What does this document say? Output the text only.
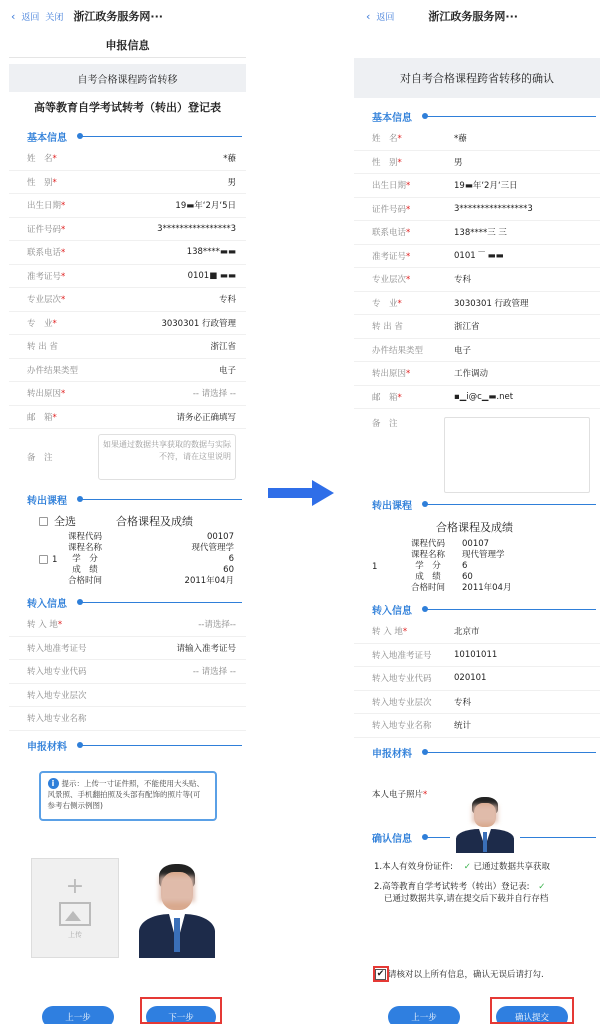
‹ 返回 关闭 浙江政务服务网···
申报信息
自考合格课程跨省转移
高等教育自学考试转考（转出）登记表
基本信息
姓　名*	*䕩
性　别*	男
出生日期*	19▬年‘2月‘5日
证件号码*	3****************3
联系电话*	138****▬▬
准考证号*	0101■ ▬▬
专业层次*	专科
专　业*	3030301 行政管理
转 出 省	浙江省
办件结果类型	电子
转出原因*	-- 请选择 --
邮　箱*	请务必正确填写
备　注
如果通过数据共享获取的数据与实际不符，请在这里说明
转出课程
全选	合格课程及成绩
1
课程代码	00107
课程名称	现代管理学
学　分	6
成　绩	60
合格时间	2011年04月
转入信息
转 入 地*	--请选择--
转入地准考证号	请输入准考证号
转入地专业代码	-- 请选择 --
转入地专业层次
转入地专业名称
申报材料
i 提示：上传一寸证件照，不能使用大头贴、风景照、手机翻拍照及头部有配饰的照片等(可参考右侧示例图)
+
上传
上一步	下一步
‹ 返回	浙江政务服务网···
对自考合格课程跨省转移的确认
基本信息
姓　名*	*䕩
性　别*	男
出生日期*	19▬年‘2月‘三日
证件号码*	3****************3
联系电话*	138****三 三
准考证号*	0101 ▔ ▬▬
专业层次*	专科
专　业*	3030301 行政管理
转 出 省	浙江省
办件结果类型	电子
转出原因*	工作调动
邮　箱*	▪▁i@c▁▬.net
备　注
转出课程
合格课程及成绩
1
课程代码	00107
课程名称	现代管理学
学　分	6
成　绩	60
合格时间	2011年04月
转入信息
转 入 地*	北京市
转入地准考证号	10101011
转入地专业代码	020101
转入地专业层次	专科
转入地专业名称	统计
申报材料
本人电子照片*
确认信息
1.本人有效身份证件: ✓ 已通过数据共享获取
2.高等教育自学考试转考（转出）登记表: ✓
已通过数据共享,请在提交后下载并自行存档
✔ 请核对以上所有信息，确认无误后请打勾.
上一步	确认提交
